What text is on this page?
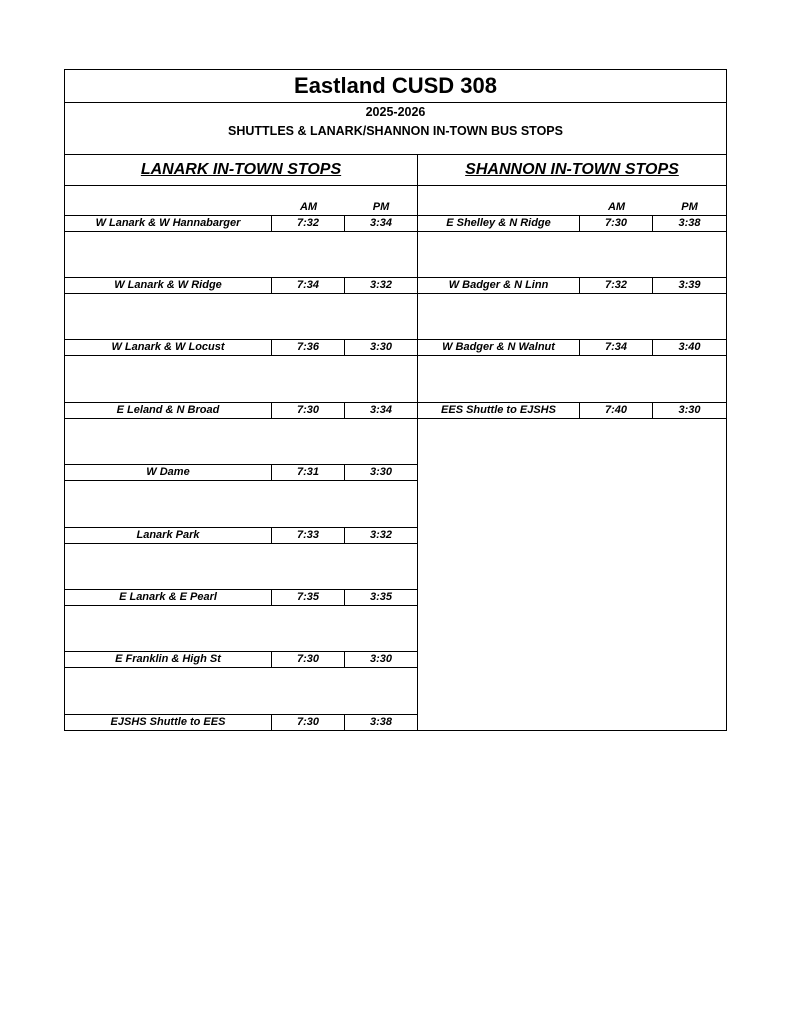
Eastland CUSD 308
2025-2026
SHUTTLES & LANARK/SHANNON IN-TOWN BUS STOPS
LANARK IN-TOWN STOPS
AM	PM
W Lanark & W Hannabarger	7:32	3:34
W Lanark & W Ridge	7:34	3:32
W Lanark & W Locust	7:36	3:30
E Leland & N Broad	7:30	3:34
W Dame	7:31	3:30
Lanark Park	7:33	3:32
E Lanark & E Pearl	7:35	3:35
E Franklin & High St	7:30	3:30
EJSHS Shuttle to EES	7:30	3:38
SHANNON IN-TOWN STOPS
AM	PM
E Shelley & N Ridge	7:30	3:38
W Badger & N Linn	7:32	3:39
W Badger & N Walnut	7:34	3:40
EES Shuttle to EJSHS	7:40	3:30
